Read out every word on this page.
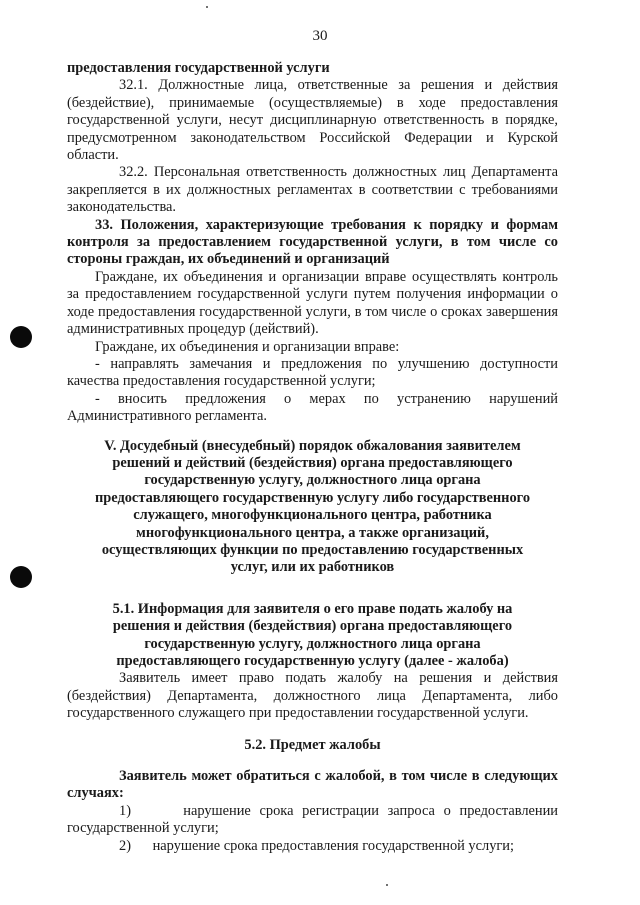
30

предоставления государственной услуги

32.1. Должностные лица, ответственные за решения и действия (бездействие), принимаемые (осуществляемые) в ходе предоставления государственной услуги, несут дисциплинарную ответственность в порядке, предусмотренном законодательством Российской Федерации и Курской области.

32.2. Персональная ответственность должностных лиц Департамента закрепляется в их должностных регламентах в соответствии с требованиями законодательства.

33. Положения, характеризующие требования к порядку и формам контроля за предоставлением государственной услуги, в том числе со стороны граждан, их объединений и организаций

Граждане, их объединения и организации вправе осуществлять контроль за предоставлением государственной услуги путем получения информации о ходе предоставления государственной услуги, в том числе о сроках завершения административных процедур (действий).

Граждане, их объединения и организации вправе:

- направлять замечания и предложения по улучшению доступности качества предоставления государственной услуги;

- вносить предложения о мерах по устранению нарушений Административного регламента.

V. Досудебный (внесудебный) порядок обжалования заявителем

решений и действий (бездействия) органа предоставляющего

государственную услугу, должностного лица органа

предоставляющего государственную услугу либо государственного

служащего, многофункционального центра, работника

многофункционального центра, а также организаций,

осуществляющих функции по предоставлению государственных

услуг, или их работников

5.1. Информация для заявителя о его праве подать жалобу на

решения и действия (бездействия) органа предоставляющего

государственную услугу, должностного лица органа

предоставляющего государственную услугу (далее - жалоба)

Заявитель имеет право подать жалобу на решения и действия (бездействия) Департамента, должностного лица Департамента, либо государственного служащего при предоставлении государственной услуги.

5.2. Предмет жалобы

Заявитель может обратиться с жалобой, в том числе в следующих случаях:

1)	нарушение срока регистрации запроса о предоставлении государственной услуги;

2) нарушение срока предоставления государственной услуги;
